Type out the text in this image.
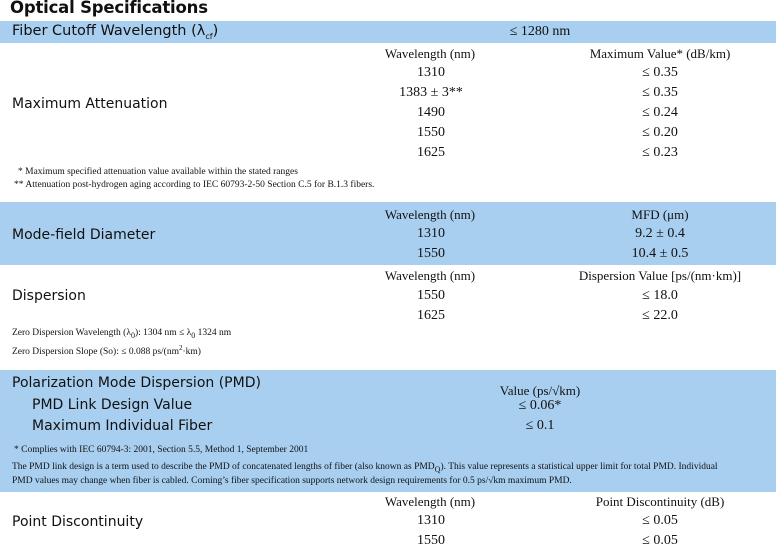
Optical Specifications
Fiber Cutoff Wavelength $(\lambda_{cf})$	≤ 1280 nm
Wavelength (nm)	Maximum Value* (dB/km)
Maximum Attenuation
1310	≤ 0.35
1383 ± 3**	≤ 0.35
1490	≤ 0.24
1550	≤ 0.20
1625	≤ 0.23
* Maximum specified attenuation value available within the stated ranges
** Attenuation post-hydrogen aging according to IEC 60793-2-50 Section C.5 for B.1.3 fibers.
Wavelength (nm)	MFD (μm)
Mode-field Diameter	1310	9.2 ± 0.4
1550	10.4 ± 0.5
Wavelength (nm)	Dispersion Value [ps/(nm·km)]
Dispersion	1550	≤ 18.0
1625	≤ 22.0
Zero Dispersion Wavelength $(\lambda_0)$: 1304 nm ≤ $\lambda_0$ 1324 nm
Zero Dispersion Slope (So): ≤ 0.088 $ps/(nm^2\cdot km)$
Polarization Mode Dispersion (PMD)	Value (ps/√km)
PMD Link Design Value	≤ 0.06*
Maximum Individual Fiber	≤ 0.1
* Complies with IEC 60794-3: 2001, Section 5.5, Method 1, September 2001
The PMD link design is a term used to describe the PMD of concatenated lengths of fiber (also known as $PMD_Q$). This value represents a statistical upper limit for total PMD. Individual
PMD values may change when fiber is cabled. Corning’s fiber specification supports network design requirements for 0.5 ps/√km maximum PMD.
Wavelength (nm)	Point Discontinuity (dB)
Point Discontinuity	1310	≤ 0.05
1550	≤ 0.05
